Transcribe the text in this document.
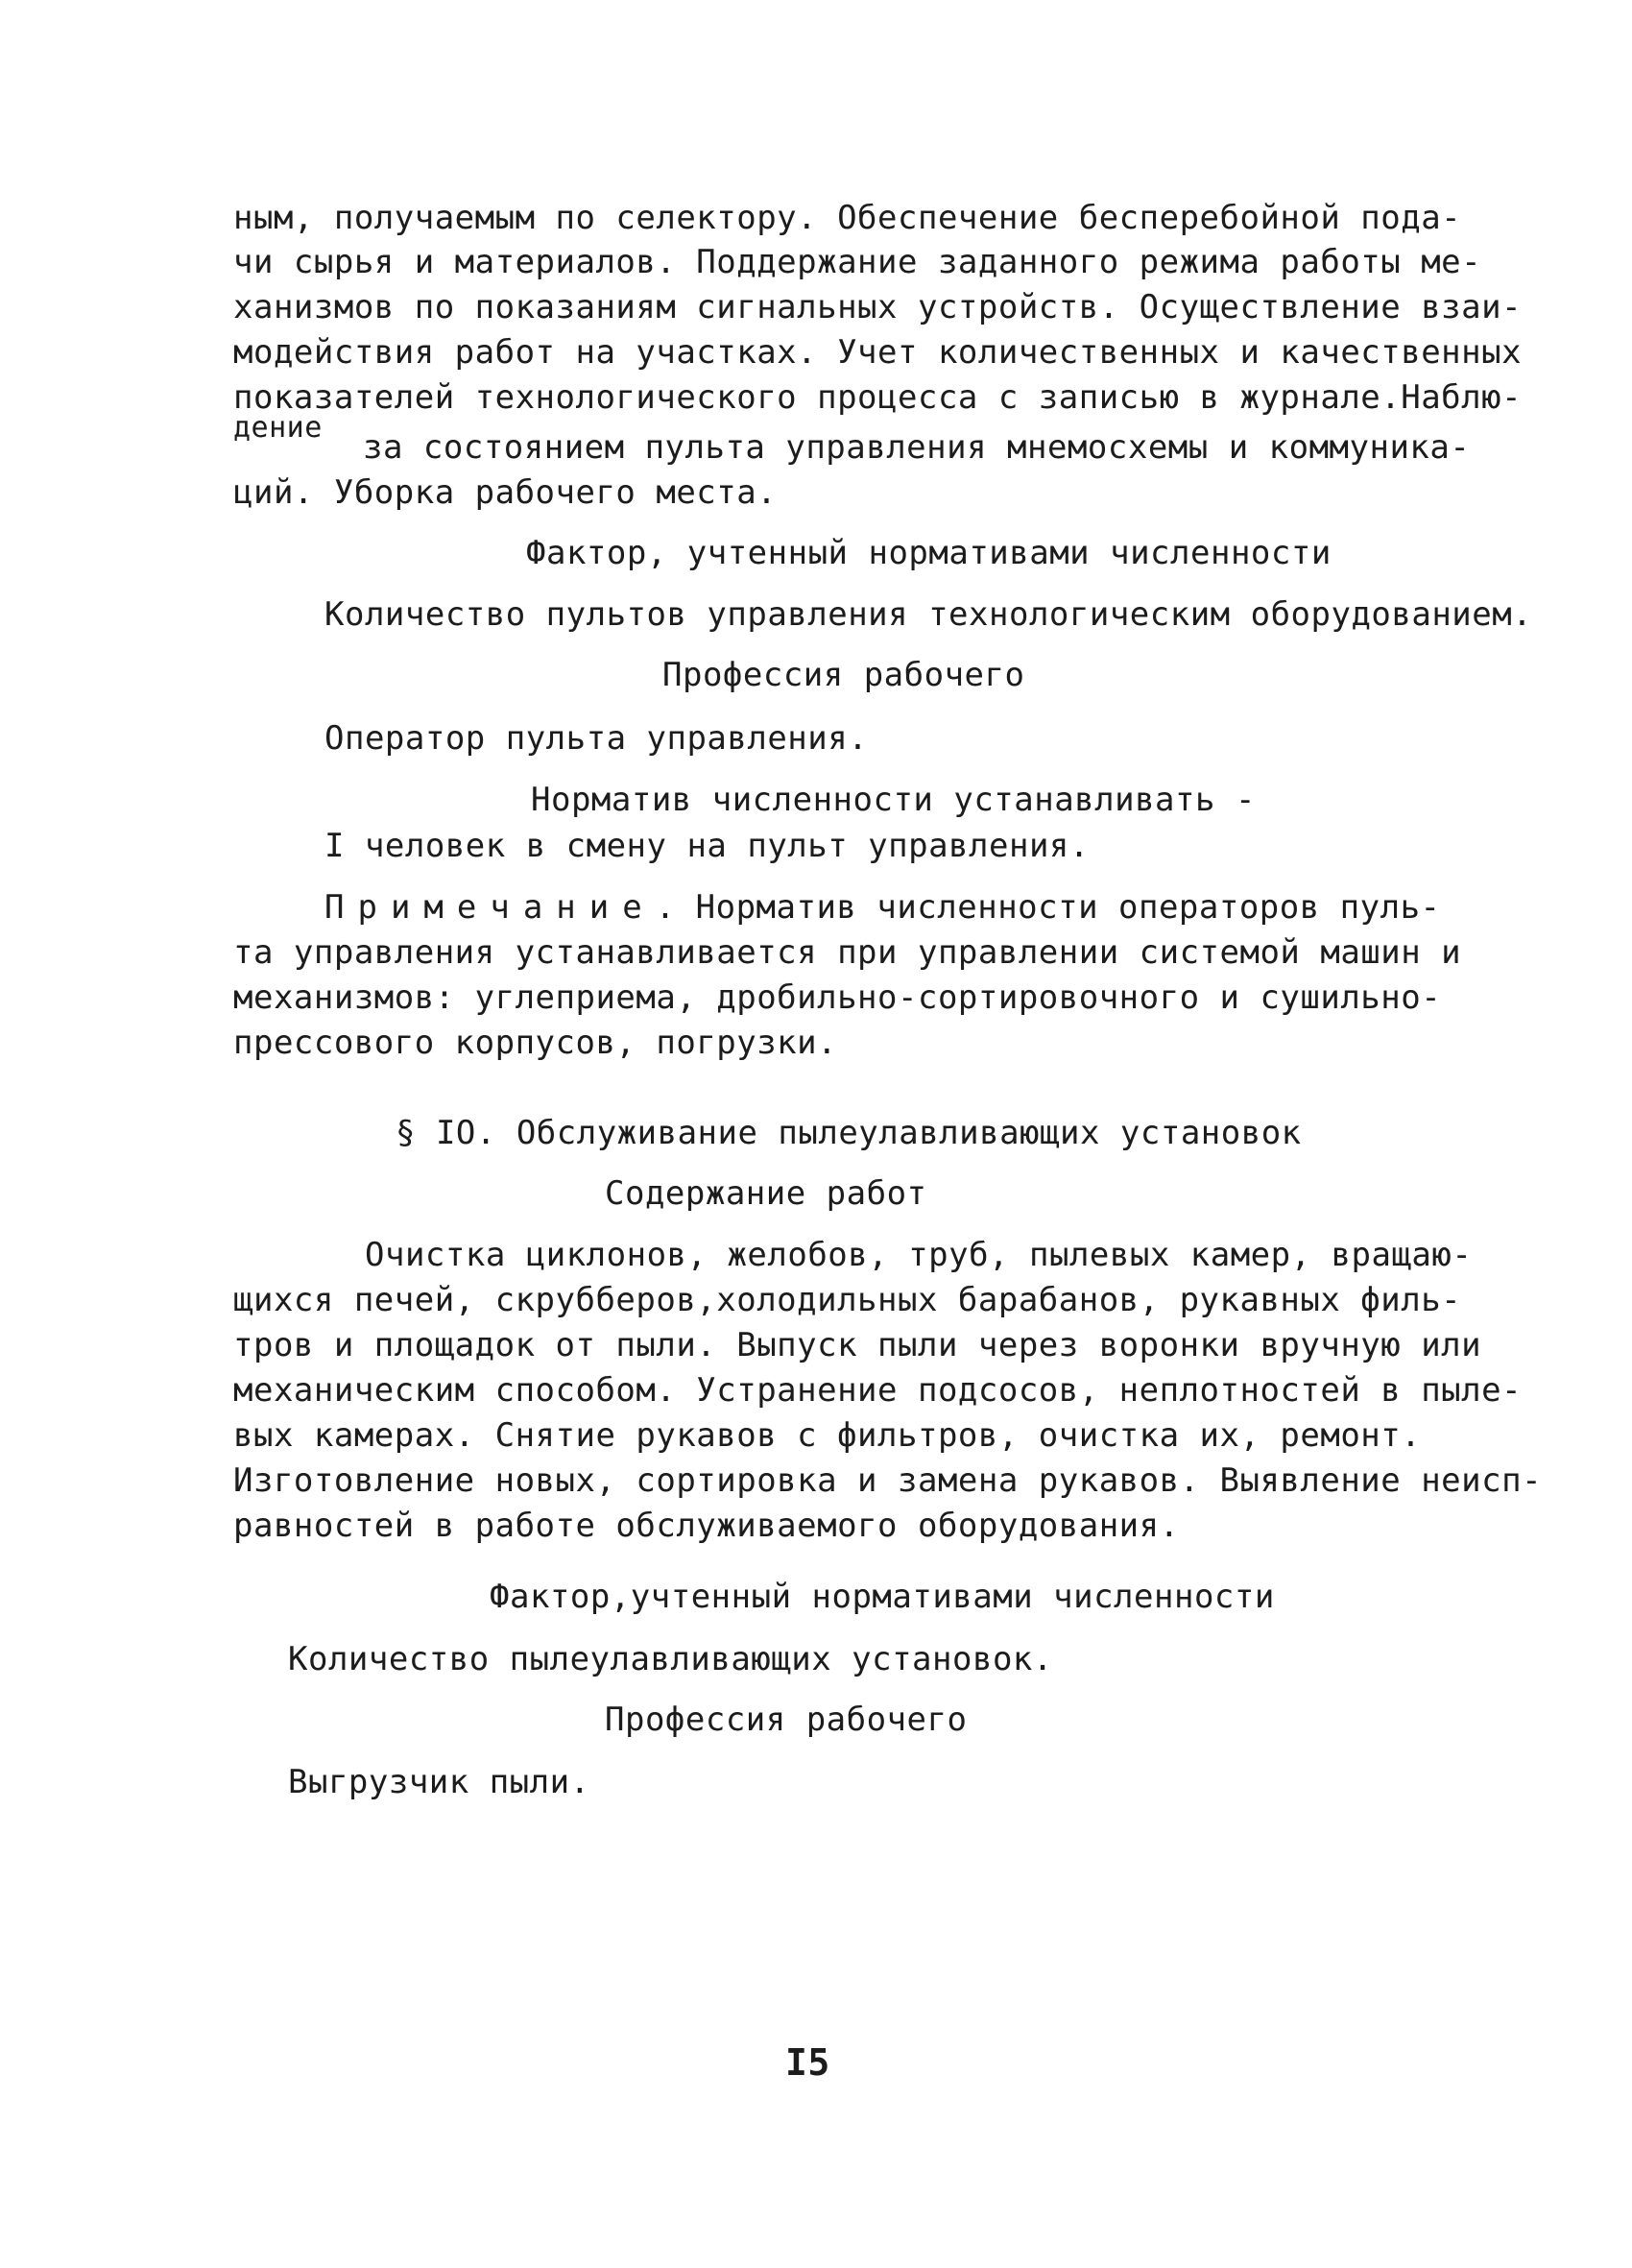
ным, получаемым по селектору. Обеспечение бесперебойной пода-
чи сырья и материалов. Поддержание заданного режима работы ме-
ханизмов по показаниям сигнальных устройств. Осуществление взаи-
модействия работ на участках. Учет количественных и качественных
показателей технологического процесса с записью в журнале.Наблю-
дение
за состоянием пульта управления мнемосхемы и коммуника-
ций. Уборка рабочего места.
Фактор, учтенный нормативами численности
Количество пультов управления технологическим оборудованием.
Профессия рабочего
Оператор пульта управления.
Норматив численности устанавливать -
I человек в смену на пульт управления.
Примечание. Норматив численности операторов пуль-
та управления устанавливается при управлении системой машин и
механизмов: углеприема, дробильно-сортировочного и сушильно-
прессового корпусов, погрузки.
§ IO. Обслуживание пылеулавливающих установок
Содержание работ
Очистка циклонов, желобов, труб, пылевых камер, вращаю-
щихся печей, скрубберов,холодильных барабанов, рукавных филь-
тров и площадок от пыли. Выпуск пыли через воронки вручную или
механическим способом. Устранение подсосов, неплотностей в пыле-
вых камерах. Снятие рукавов с фильтров, очистка их, ремонт.
Изготовление новых, сортировка и замена рукавов. Выявление неисп-
равностей в работе обслуживаемого оборудования.
Фактор,учтенный нормативами численности
Количество пылеулавливающих установок.
Профессия рабочего
Выгрузчик пыли.
I5
